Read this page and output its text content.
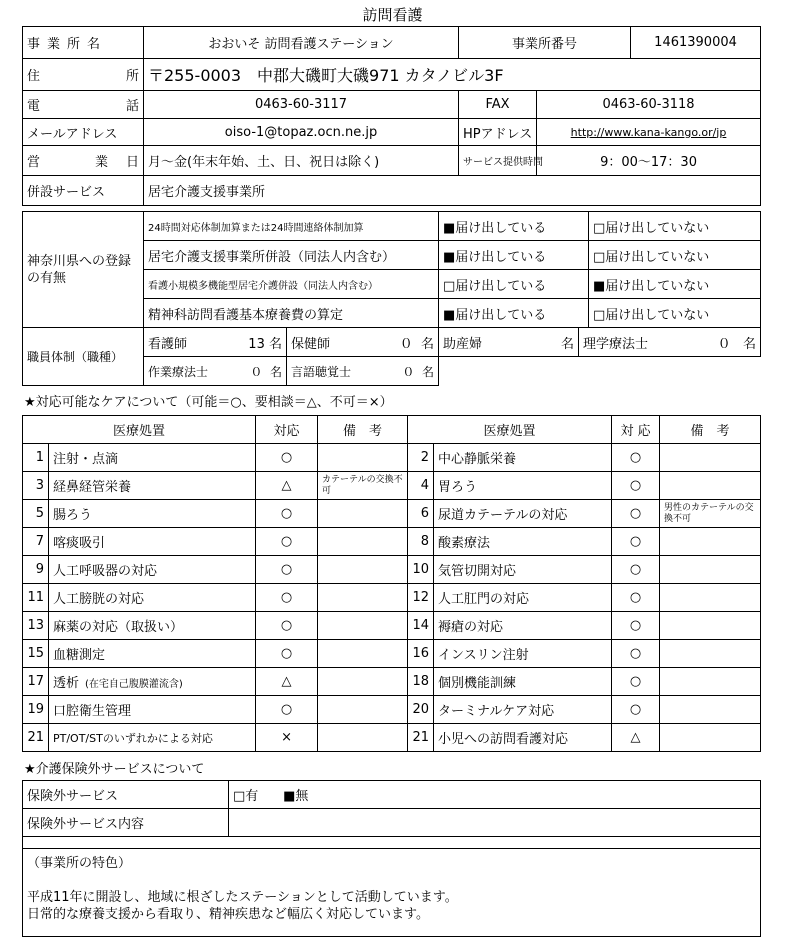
訪問看護
事業所名	おおいそ 訪問看護ステーション	事業所番号		1461390004

住 所	〒255-0003　中郡大磯町大磯971 カタノビル3F			

電 話	0463-60-3117	FAX	0463-60-3118	
メールアドレス	oiso-1@topaz.ocn.ne.jp	HPアドレス	http://www.kana-kango.or/jp	

営 業日	月～金(年末年始、土、日、祝日は除く)	サービス提供時間	9：00～17：30	
併設サービス	居宅介護支援事業所			
神奈川県への登録の有無	24時間対応体制加算または24時間連絡体制加算	■届け出している	□届け出していない
	居宅介護支援事業所併設（同法人内含む）	■届け出している	□届け出していない
	看護小規模多機能型居宅介護併設（同法人内含む）	□届け出している	■届け出していない
	精神科訪問看護基本療養費の算定	■届け出している	□届け出していない
職員体制（職種）	看護師 13 名	保健師 ０ 名	助産婦 名	理学療法士 ０ 名

	作業療法士 ０ 名	言語聴覚士 ０ 名		

★対応可能なケアについて（可能＝○、要相談＝△、不可＝×）
医療処置		対応	備　考	医療処置		対 応	備　考
1	注射・点滴	○		2	中心静脈栄養	○	
3	経鼻経管栄養	△	カテーテルの交換不可	4	胃ろう	○	
5	腸ろう	○		6	尿道カテーテルの対応	○	男性のカテーテルの交換不可
7	喀痰吸引	○		8	酸素療法	○	
9	人工呼吸器の対応	○		10	気管切開対応	○	
11	人工膀胱の対応	○		12	人工肛門の対応	○	
13	麻薬の対応（取扱い）	○		14	褥瘡の対応	○	
15	血糖測定	○		16	インスリン注射	○	
17	透析 (在宅自己腹膜灌流含)	△		18	個別機能訓練	○	
19	口腔衛生管理	○		20	ターミナルケア対応	○	
21	PT/OT/STのいずれかによる対応	×		21	小児への訪問看護対応	△	
★介護保険外サービスについて
保険外サービス	□有 ■無
保険外サービス内容	

（事業所の特色）
平成11年に開設し、地域に根ざしたステーションとして活動しています。
日常的な療養支援から看取り、精神疾患など幅広く対応しています。	
